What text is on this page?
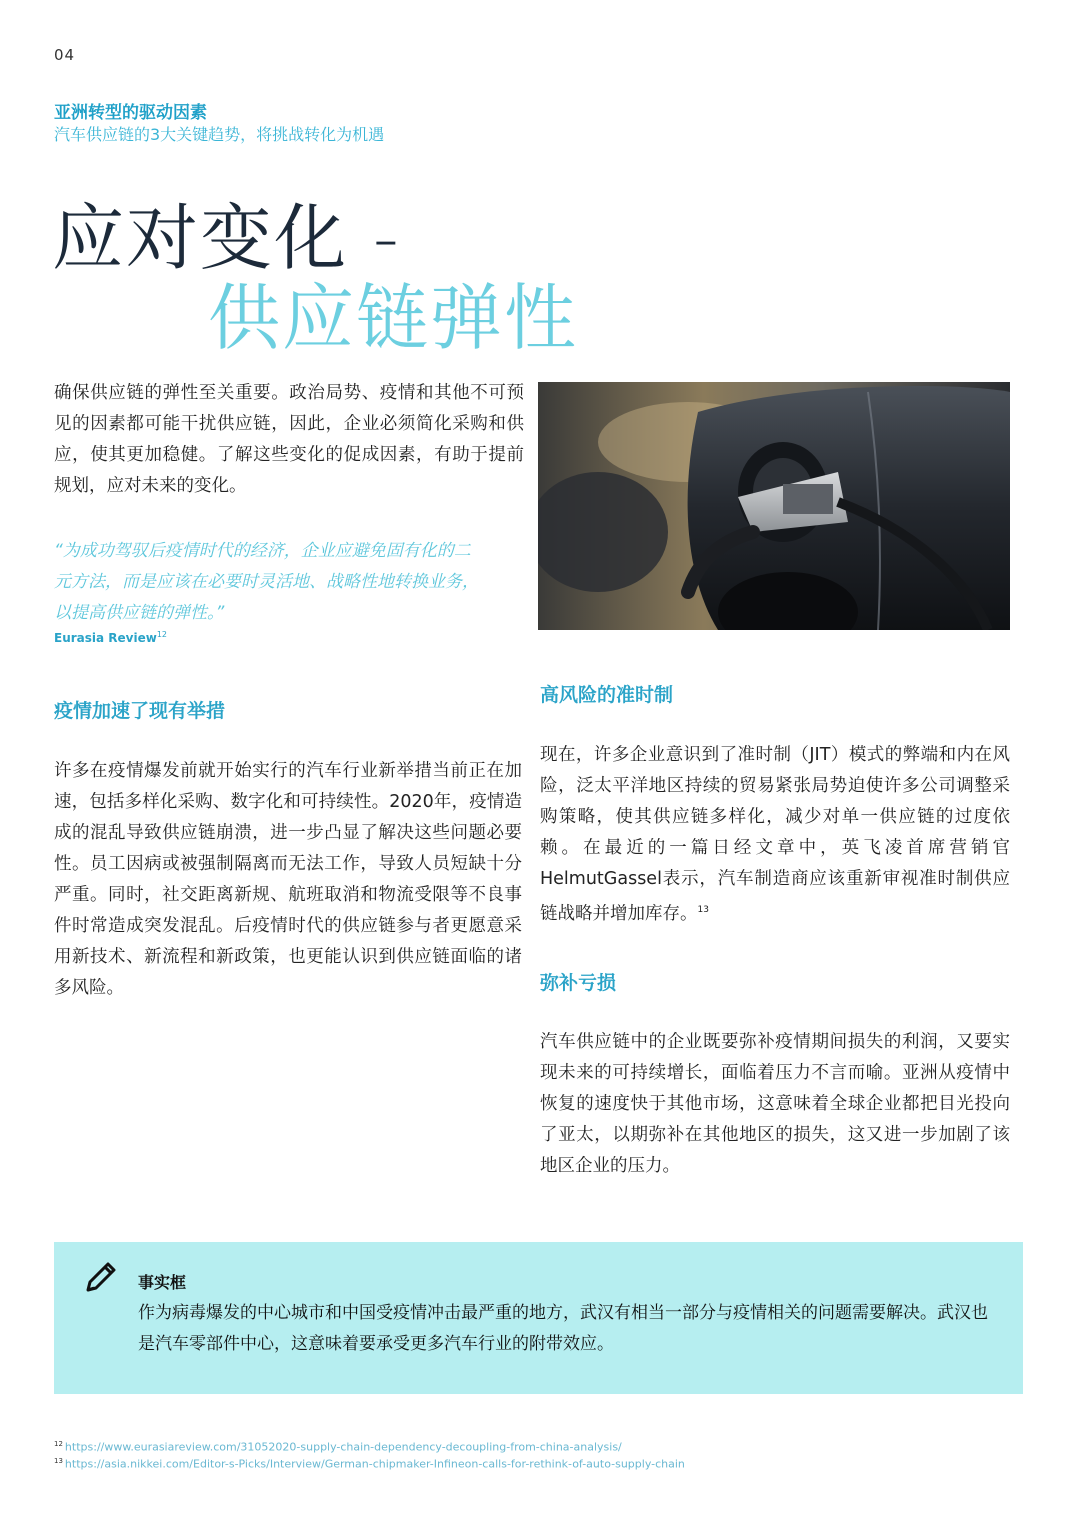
04
亚洲转型的驱动因素
汽车供应链的3大关键趋势，将挑战转化为机遇
应对变化 -
供应链弹性
确保供应链的弹性至关重要。政治局势、疫情和其他不可预见的因素都可能干扰供应链，因此，企业必须简化采购和供应，使其更加稳健。了解这些变化的促成因素，有助于提前规划，应对未来的变化。
“为成功驾驭后疫情时代的经济，企业应避免固有化的二元方法，而是应该在必要时灵活地、战略性地转换业务，以提高供应链的弹性。”
Eurasia Review$^{12}$
高风险的准时制
疫情加速了现有举措
许多在疫情爆发前就开始实行的汽车行业新举措当前正在加速，包括多样化采购、数字化和可持续性。2020年，疫情造成的混乱导致供应链崩溃，进一步凸显了解决这些问题必要性。员工因病或被强制隔离而无法工作，导致人员短缺十分严重。同时，社交距离新规、航班取消和物流受限等不良事件时常造成突发混乱。后疫情时代的供应链参与者更愿意采用新技术、新流程和新政策，也更能认识到供应链面临的诸多风险。
现在，许多企业意识到了准时制（JIT）模式的弊端和内在风险，泛太平洋地区持续的贸易紧张局势迫使许多公司调整采购策略，使其供应链多样化，减少对单一供应链的过度依赖。在最近的一篇日经文章中，英飞凌首席营销官HelmutGassel表示，汽车制造商应该重新审视准时制供应链战略并增加库存。$^{13}$
弥补亏损
汽车供应链中的企业既要弥补疫情期间损失的利润，又要实现未来的可持续增长，面临着压力不言而喻。亚洲从疫情中恢复的速度快于其他市场，这意味着全球企业都把目光投向了亚太，以期弥补在其他地区的损失，这又进一步加剧了该地区企业的压力。
事实框
作为病毒爆发的中心城市和中国受疫情冲击最严重的地方，武汉有相当一部分与疫情相关的问题需要解决。武汉也是汽车零部件中心，这意味着要承受更多汽车行业的附带效应。
$^{12}$ https://www.eurasiareview.com/31052020-supply-chain-dependency-decoupling-from-china-analysis/
$^{13}$ https://asia.nikkei.com/Editor-s-Picks/Interview/German-chipmaker-Infineon-calls-for-rethink-of-auto-supply-chain
